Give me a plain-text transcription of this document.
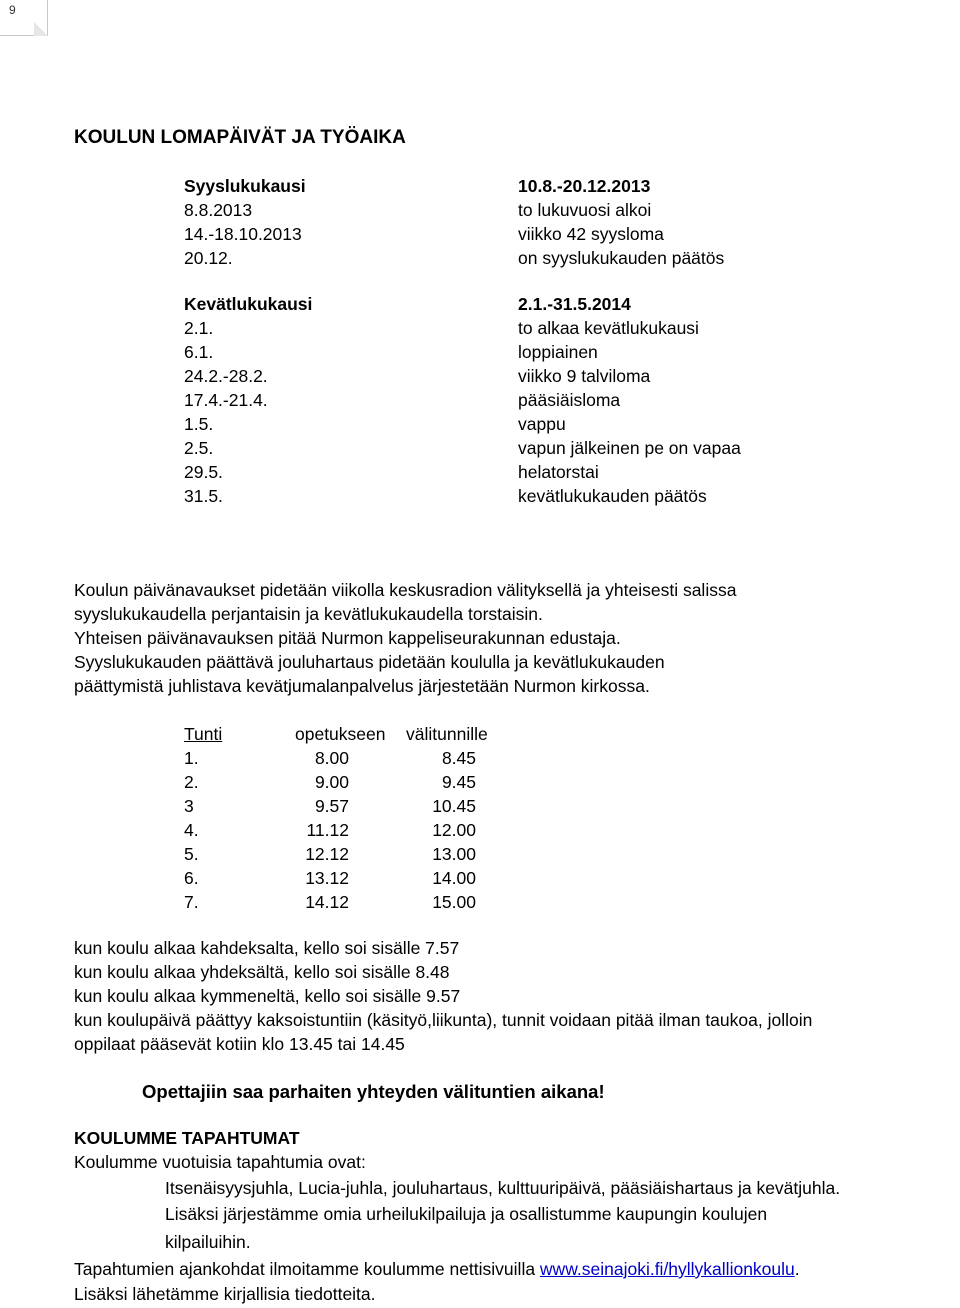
9
KOULUN LOMAPÄIVÄT JA TYÖAIKA
Syyslukukausi	10.8.-20.12.2013
8.8.2013	to lukuvuosi alkoi
14.-18.10.2013	viikko 42 syysloma
20.12.	on syyslukukauden päätös
Kevätlukukausi	2.1.-31.5.2014
2.1.	to alkaa kevätlukukausi
6.1.	loppiainen
24.2.-28.2.	viikko 9 talviloma
17.4.-21.4.	pääsiäisloma
1.5.	vappu
2.5.	vapun jälkeinen pe on vapaa
29.5.	helatorstai
31.5.	kevätlukukauden päätös
Koulun päivänavaukset pidetään viikolla keskusradion välityksellä ja yhteisesti salissa
syyslukukaudella perjantaisin ja kevätlukukaudella torstaisin.
Yhteisen päivänavauksen pitää Nurmon kappeliseurakunnan edustaja.
Syyslukukauden päättävä jouluhartaus pidetään koululla ja kevätlukukauden
päättymistä juhlistava kevätjumalanpalvelus järjestetään Nurmon kirkossa.
Tunti	opetukseen välitunnille
1.	8.00	8.45
2.	9.00	9.45
3	9.57	10.45
4.	11.12	12.00
5.	12.12	13.00
6.	13.12	14.00
7.	14.12	15.00
kun koulu alkaa kahdeksalta, kello soi sisälle 7.57
kun koulu alkaa yhdeksältä, kello soi sisälle 8.48
kun koulu alkaa kymmeneltä, kello soi sisälle 9.57
kun koulupäivä päättyy kaksoistuntiin (käsityö,liikunta), tunnit voidaan pitää ilman taukoa, jolloin
oppilaat pääsevät kotiin klo 13.45 tai 14.45
Opettajiin saa parhaiten yhteyden välituntien aikana!
KOULUMME TAPAHTUMAT
Koulumme vuotuisia tapahtumia ovat:
Itsenäisyysjuhla, Lucia-juhla, jouluhartaus, kulttuuripäivä, pääsiäishartaus ja kevätjuhla.
Lisäksi järjestämme omia urheilukilpailuja ja osallistumme kaupungin koulujen
kilpailuihin.
Tapahtumien ajankohdat ilmoitamme koulumme nettisivuilla www.seinajoki.fi/hyllykallionkoulu.
Lisäksi lähetämme kirjallisia tiedotteita.
